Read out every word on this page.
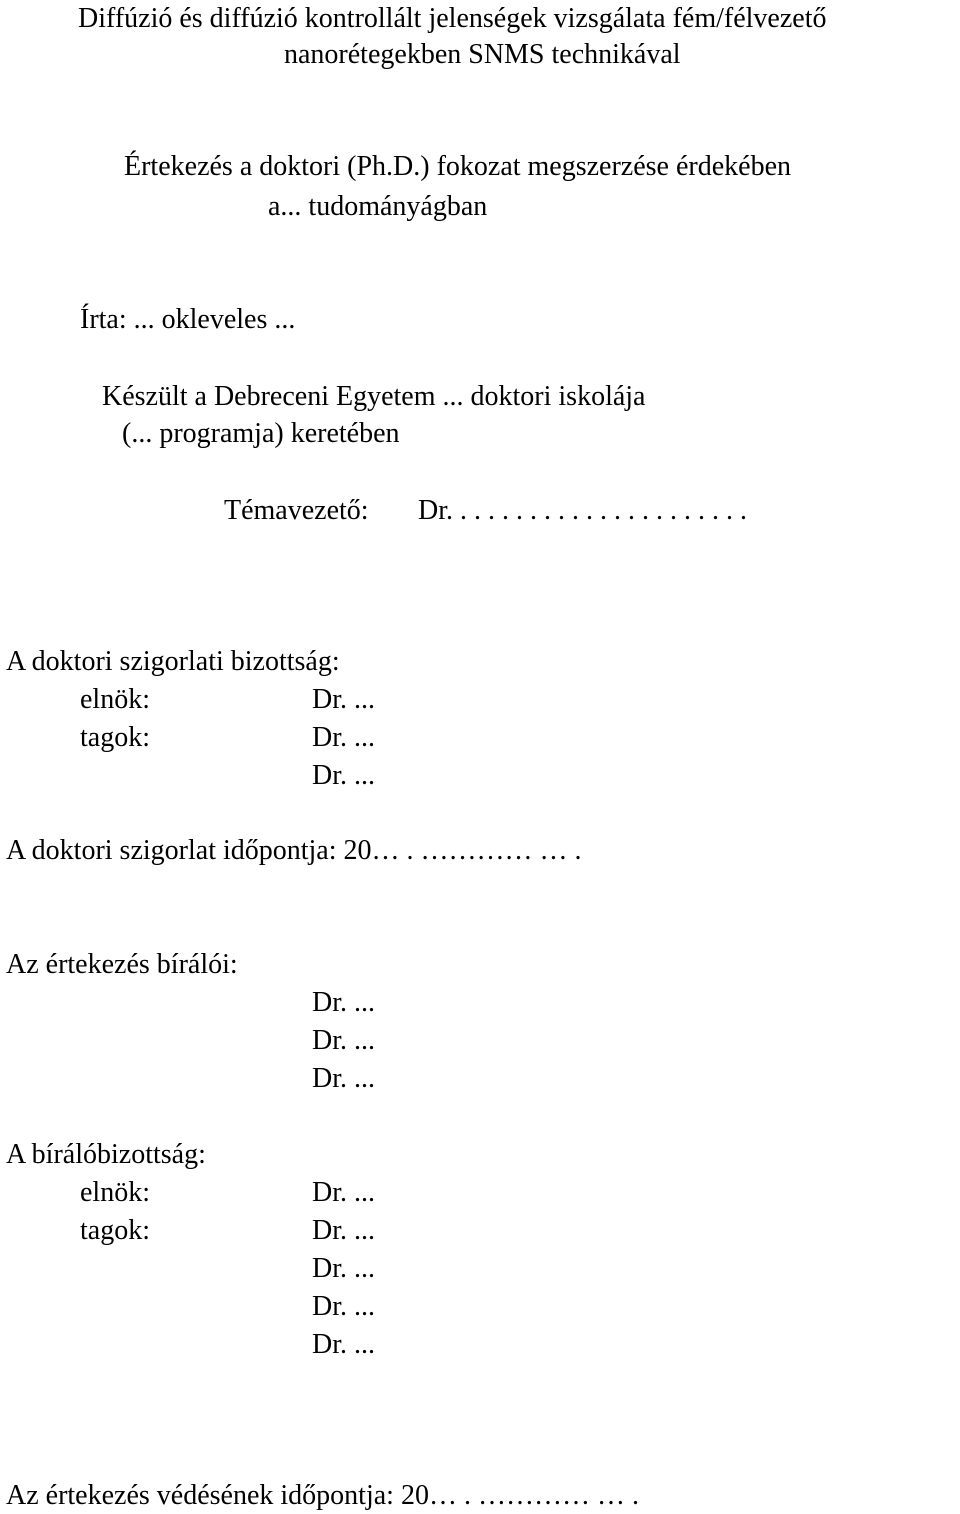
Diffúzió és diffúzió kontrollált jelenségek vizsgálata fém/félvezető
nanorétegekben SNMS technikával
Értekezés a doktori (Ph.D.) fokozat megszerzése érdekében
a... tudományágban
Írta: ... okleveles ...
Készült a Debreceni Egyetem ... doktori iskolája
(... programja) keretében
Témavezető: Dr. . . . . . . . . . . . . . . . . . . . . .
A doktori szigorlati bizottság:
elnök:	Dr. ...
tagok:	Dr. ...
Dr. ...
A doktori szigorlat időpontja: 20… . ………… … .
Az értekezés bírálói:
Dr. ...
Dr. ...
Dr. ...
A bírálóbizottság:
elnök:	Dr. ...
tagok:	Dr. ...
Dr. ...
Dr. ...
Dr. ...
Az értekezés védésének időpontja: 20… . ………… … .
